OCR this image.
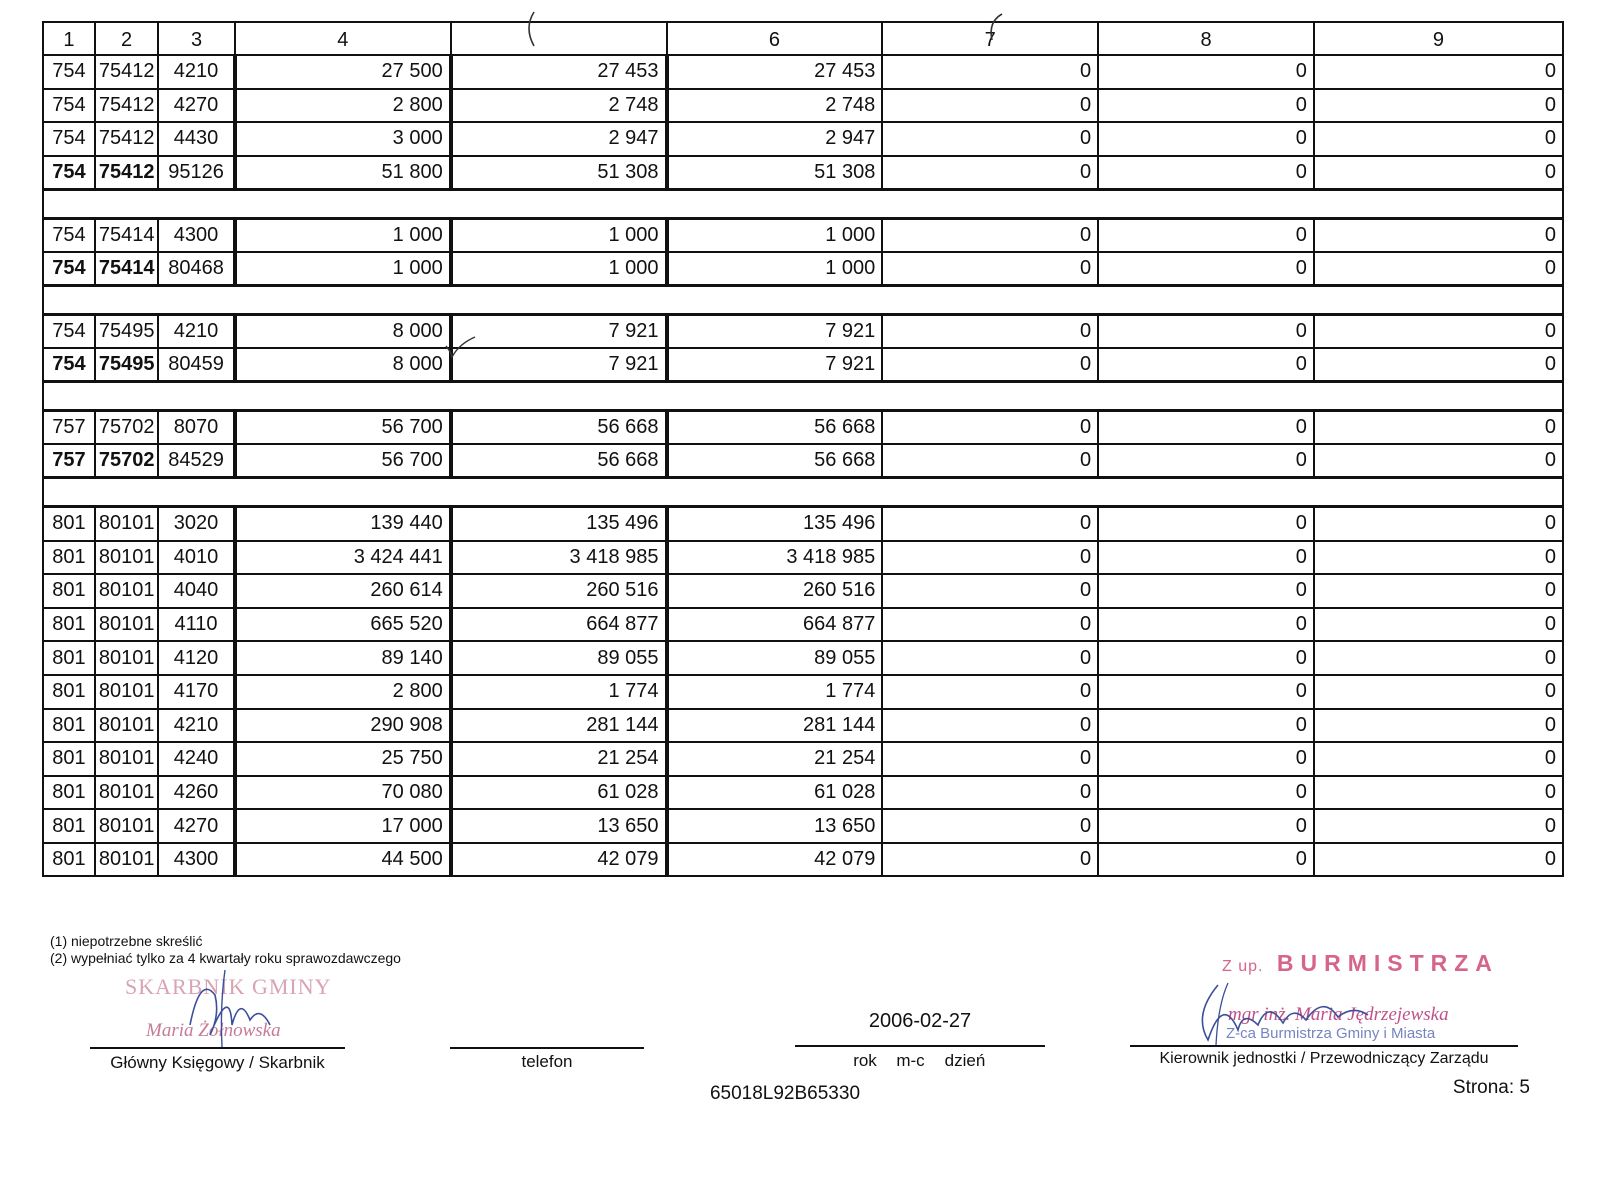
1	2	3	4		6	7	8	9
754	75412	4210	27 500	27 453	27 453	0	0	0
754	75412	4270	2 800	2 748	2 748	0	0	0
754	75412	4430	3 000	2 947	2 947	0	0	0
754	75412	95126	51 800	51 308	51 308	0	0	0

754	75414	4300	1 000	1 000	1 000	0	0	0
754	75414	80468	1 000	1 000	1 000	0	0	0

754	75495	4210	8 000	7 921	7 921	0	0	0
754	75495	80459	8 000	7 921	7 921	0	0	0

757	75702	8070	56 700	56 668	56 668	0	0	0
757	75702	84529	56 700	56 668	56 668	0	0	0

801	80101	3020	139 440	135 496	135 496	0	0	0
801	80101	4010	3 424 441	3 418 985	3 418 985	0	0	0
801	80101	4040	260 614	260 516	260 516	0	0	0
801	80101	4110	665 520	664 877	664 877	0	0	0
801	80101	4120	89 140	89 055	89 055	0	0	0
801	80101	4170	2 800	1 774	1 774	0	0	0
801	80101	4210	290 908	281 144	281 144	0	0	0
801	80101	4240	25 750	21 254	21 254	0	0	0
801	80101	4260	70 080	61 028	61 028	0	0	0
801	80101	4270	17 000	13 650	13 650	0	0	0
801	80101	4300	44 500	42 079	42 079	0	0	0
(1) niepotrzebne skreślić
(2) wypełniać tylko za 4 kwartały roku sprawozdawczego
SKARBNIK GMINY
Maria Żołnowska
Główny Księgowy / Skarbnik	telefon
2006-02-27
rok	m-c	dzień
Z up. BURMISTRZA
mgr inż. Maria Jędrzejewska
Z-ca Burmistrza Gminy i Miasta
Kierownik jednostki / Przewodniczący Zarządu
65018L92B65330	Strona: 5
